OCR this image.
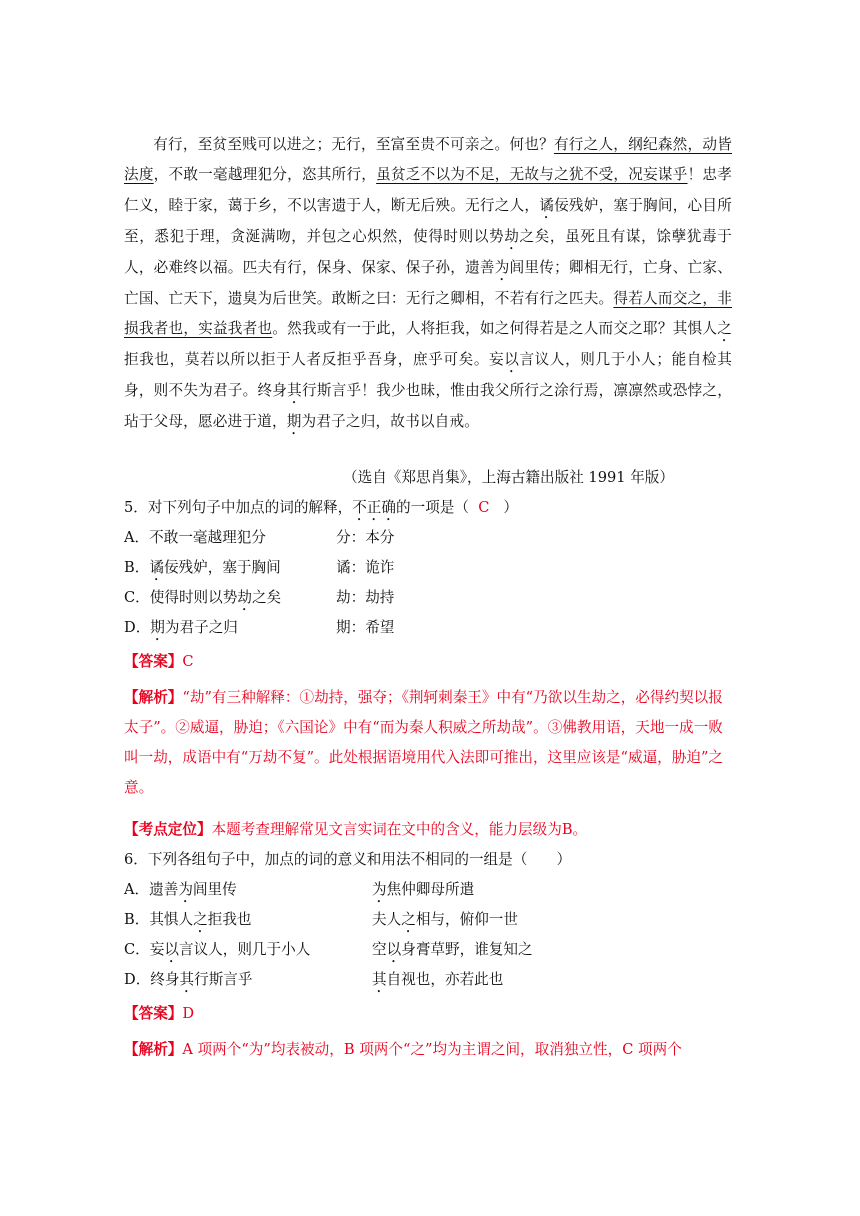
有行，至贫至贱可以进之；无行，至富至贵不可亲之。何也？有行之人，纲纪森然，动皆法度，不敢一毫越理犯分，恣其所行，虽贫乏不以为不足，无故与之犹不受，况妄谋乎！忠孝仁义，睦于家，蔼于乡，不以害遗于人，断无后殃。无行之人，谲佞残妒，塞于胸间，心目所至，悉犯于理，贪涎满吻，并包之心炽然，使得时则以势劫之矣，虽死且有谋，馀孽犹毒于人，必难终以福。匹夫有行，保身、保家、保子孙，遗善为闾里传；卿相无行，亡身、亡家、亡国、亡天下，遗臭为后世笑。敢断之曰：无行之卿相，不若有行之匹夫。得若人而交之，非损我者也，实益我者也。然我或有一于此，人将拒我，如之何得若是之人而交之耶？其惧人之拒我也，莫若以所以拒于人者反拒乎吾身，庶乎可矣。妄以言议人，则几于小人；能自检其身，则不失为君子。终身其行斯言乎！我少也昧，惟由我父所行之涂行焉，凛凛然或恐悖之，玷于父母，愿必进于道，期为君子之归，故书以自戒。

（选自《郑思肖集》，上海古籍出版社 1991 年版）
5．对下列句子中加点的词的解释，不正确的一项是（ C ）
A．不敢一毫越理犯分	分：本分
B．谲佞残妒，塞于胸间	谲：诡诈
C．使得时则以势劫之矣	劫：劫持
D．期为君子之归	期：希望

【答案】C

【解析】“劫”有三种解释：①劫持，强夺；《荆轲刺秦王》中有“乃欲以生劫之，必得约契以报太子”。②威逼，胁迫；《六国论》中有“而为秦人积威之所劫哉”。③佛教用语，天地一成一败叫一劫，成语中有“万劫不复”。此处根据语境用代入法即可推出，这里应该是“威逼，胁迫”之意。

【考点定位】本题考查理解常见文言实词在文中的含义，能力层级为B。

6．下列各组句子中，加点的词的意义和用法不相同的一组是（　　）
A．遗善为闾里传	为焦仲卿母所遣
B．其惧人之拒我也	夫人之相与，俯仰一世
C．妄以言议人，则几于小人	空以身膏草野，谁复知之
D．终身其行斯言乎	其自视也，亦若此也

【答案】D

【解析】A 项两个“为”均表被动，B 项两个“之”均为主谓之间，取消独立性，C 项两个
